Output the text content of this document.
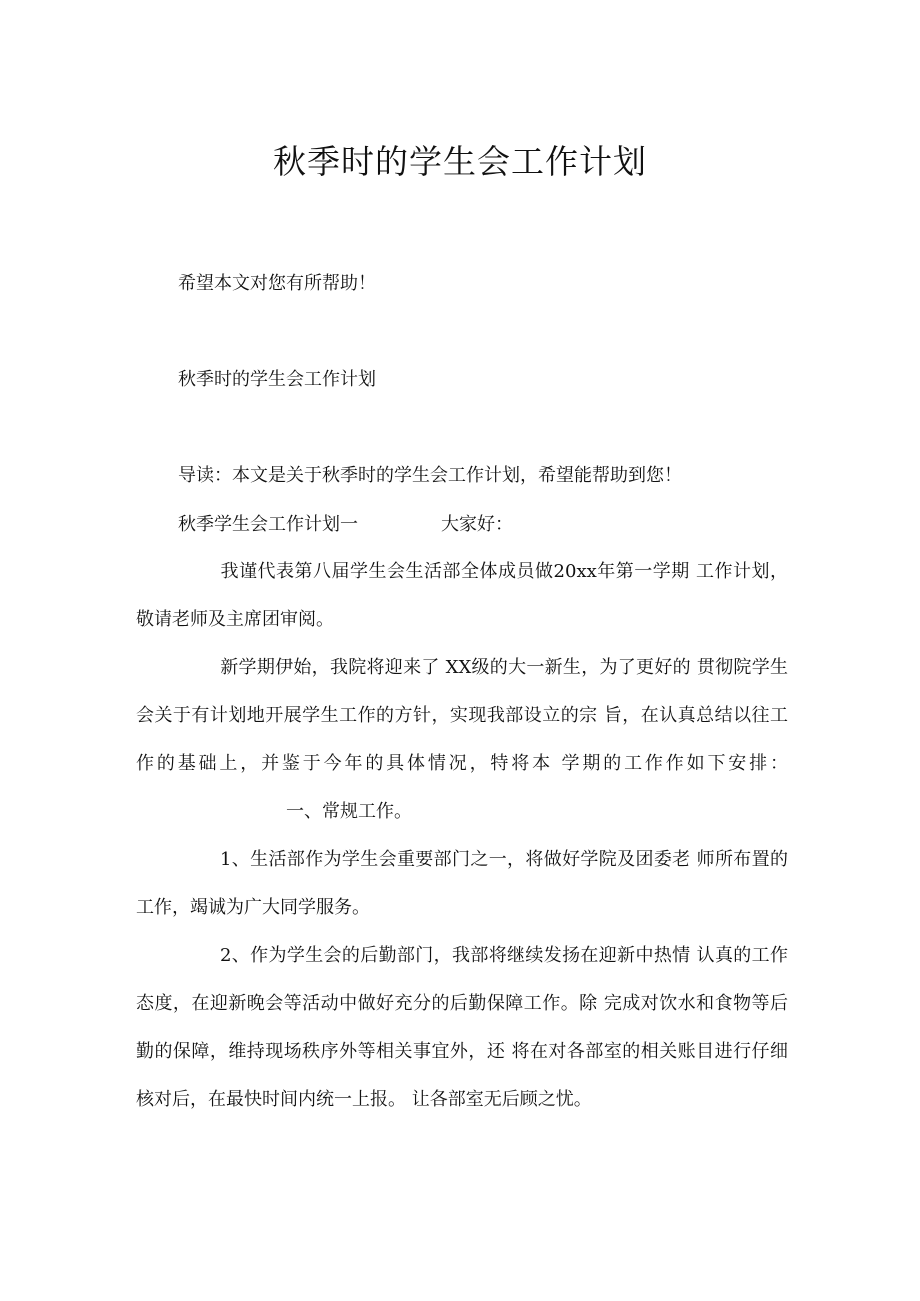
秋季时的学生会工作计划
希望本文对您有所帮助！
秋季时的学生会工作计划
导读：本文是关于秋季时的学生会工作计划，希望能帮助到您！
秋季学生会工作计划一	大家好：
我谨代表第八届学生会生活部全体成员做20xx年第一学期 工作计划，敬请老师及主席团审阅。
新学期伊始，我院将迎来了 XX级的大一新生，为了更好的 贯彻院学生会关于有计划地开展学生工作的方针，实现我部设立的宗 旨，在认真总结以往工作的基础上，并鉴于今年的具体情况，特将本 学期的工作作如下安排：一、常规工作。
1、生活部作为学生会重要部门之一，将做好学院及团委老 师所布置的工作，竭诚为广大同学服务。
2、作为学生会的后勤部门，我部将继续发扬在迎新中热情 认真的工作态度，在迎新晚会等活动中做好充分的后勤保障工作。除 完成对饮水和食物等后勤的保障，维持现场秩序外等相关事宜外，还 将在对各部室的相关账目进行仔细核对后，在最快时间内统一上报。 让各部室无后顾之忧。
